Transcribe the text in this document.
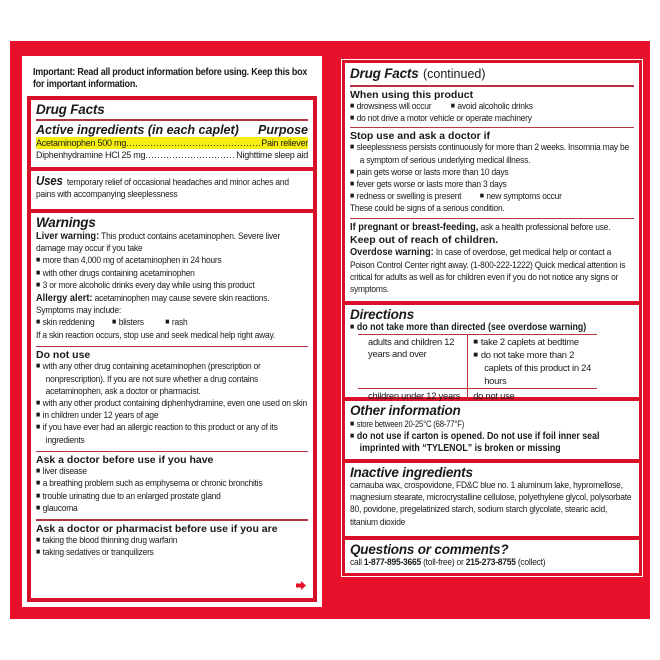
Important: Read all product information before using. Keep this box for important information.
Drug Facts
Active ingredients (in each caplet) Purpose
Acetaminophen 500 mg .....	Pain reliever
Diphenhydramine HCl 25 mg .....	Nighttime sleep aid
Uses temporary relief of occasional headaches and minor aches and pains with accompanying sleeplessness
Warnings
Liver warning: This product contains acetaminophen. Severe liver damage may occur if you take
■ more than 4,000 mg of acetaminophen in 24 hours
■ with other drugs containing acetaminophen
■ 3 or more alcoholic drinks every day while using this product
Allergy alert: acetaminophen may cause severe skin reactions. Symptoms may include:
■ skin reddening	■ blisters	■ rash
If a skin reaction occurs, stop use and seek medical help right away.
Do not use
■ with any other drug containing acetaminophen (prescription or nonprescription). If you are not sure whether a drug contains acetaminophen, ask a doctor or pharmacist.
■ with any other product containing diphenhydramine, even one used on skin
■ in children under 12 years of age
■ if you have ever had an allergic reaction to this product or any of its ingredients
Ask a doctor before use if you have
■ liver disease
■ a breathing problem such as emphysema or chronic bronchitis
■ trouble urinating due to an enlarged prostate gland
■ glaucoma
Ask a doctor or pharmacist before use if you are
■ taking the blood thinning drug warfarin
■ taking sedatives or tranquilizers
Drug Facts (continued)
When using this product
■ drowsiness will occur	■ avoid alcoholic drinks
■ do not drive a motor vehicle or operate machinery
Stop use and ask a doctor if
■ sleeplessness persists continuously for more than 2 weeks. Insomnia may be a symptom of serious underlying medical illness.
■ pain gets worse or lasts more than 10 days
■ fever gets worse or lasts more than 3 days
■ redness or swelling is present	■ new symptoms occur
These could be signs of a serious condition.
If pregnant or breast-feeding, ask a health professional before use.
Keep out of reach of children.
Overdose warning: In case of overdose, get medical help or contact a Poison Control Center right away. (1-800-222-1222) Quick medical attention is critical for adults as well as for children even if you do not notice any signs or symptoms.
Directions
■ do not take more than directed (see overdose warning)
adults and children 12 years and over	■ take 2 caplets at bedtime
■ do not take more than 2 caplets of this product in 24 hours

children under 12 years	do not use
Other information
■ store between 20-25°C (68-77°F)
■ do not use if carton is opened. Do not use if foil inner seal imprinted with “TYLENOL” is broken or missing
Inactive ingredients
carnauba wax, crospovidone, FD&C blue no. 1 aluminum lake, hypromellose, magnesium stearate, microcrystalline cellulose, polyethylene glycol, polysorbate 80, povidone, pregelatinized starch, sodium starch glycolate, stearic acid, titanium dioxide
Questions or comments?
call 1-877-895-3665 (toll-free) or 215-273-8755 (collect)
